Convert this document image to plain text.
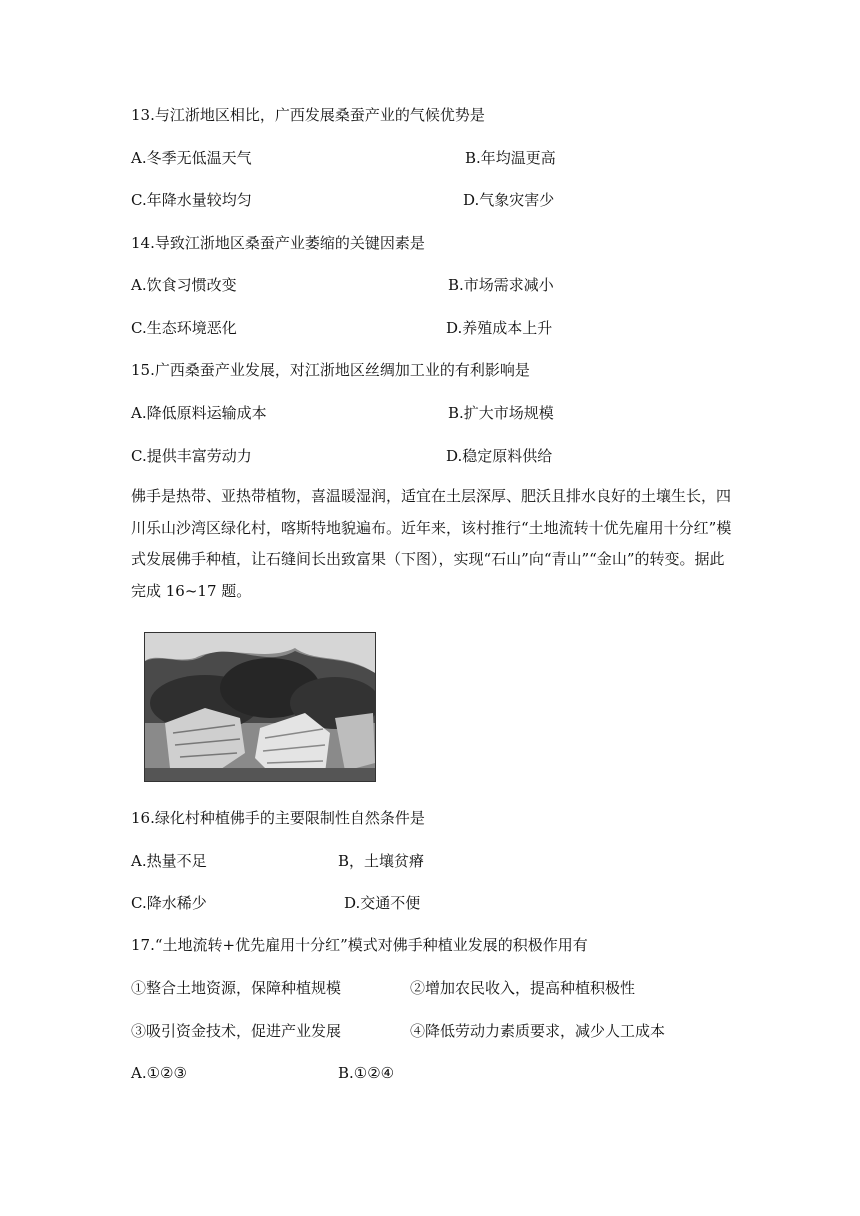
13.与江浙地区相比，广西发展桑蚕产业的气候优势是
A.冬季无低温天气	B.年均温更高
C.年降水量较均匀	D.气象灾害少
14.导致江浙地区桑蚕产业萎缩的关键因素是
A.饮食习惯改变	B.市场需求减小
C.生态环境恶化	D.养殖成本上升
15.广西桑蚕产业发展，对江浙地区丝绸加工业的有利影响是
A.降低原料运输成本	B.扩大市场规模
C.提供丰富劳动力	D.稳定原料供给
佛手是热带、亚热带植物，喜温暖湿润，适宜在土层深厚、肥沃且排水良好的土壤生长，四川乐山沙湾区绿化村，喀斯特地貌遍布。近年来，该村推行“土地流转十优先雇用十分红”模式发展佛手种植，让石缝间长出致富果（下图），实现“石山”向“青山”“金山”的转变。据此完成 16~17 题。
16.绿化村种植佛手的主要限制性自然条件是
A.热量不足	B，土壤贫瘠
C.降水稀少	D.交通不便
17.“土地流转+优先雇用十分红”模式对佛手种植业发展的积极作用有
①整合土地资源，保障种植规模	②增加农民收入，提高种植积极性
③吸引资金技术，促进产业发展	④降低劳动力素质要求，减少人工成本
A.①②③	B.①②④
